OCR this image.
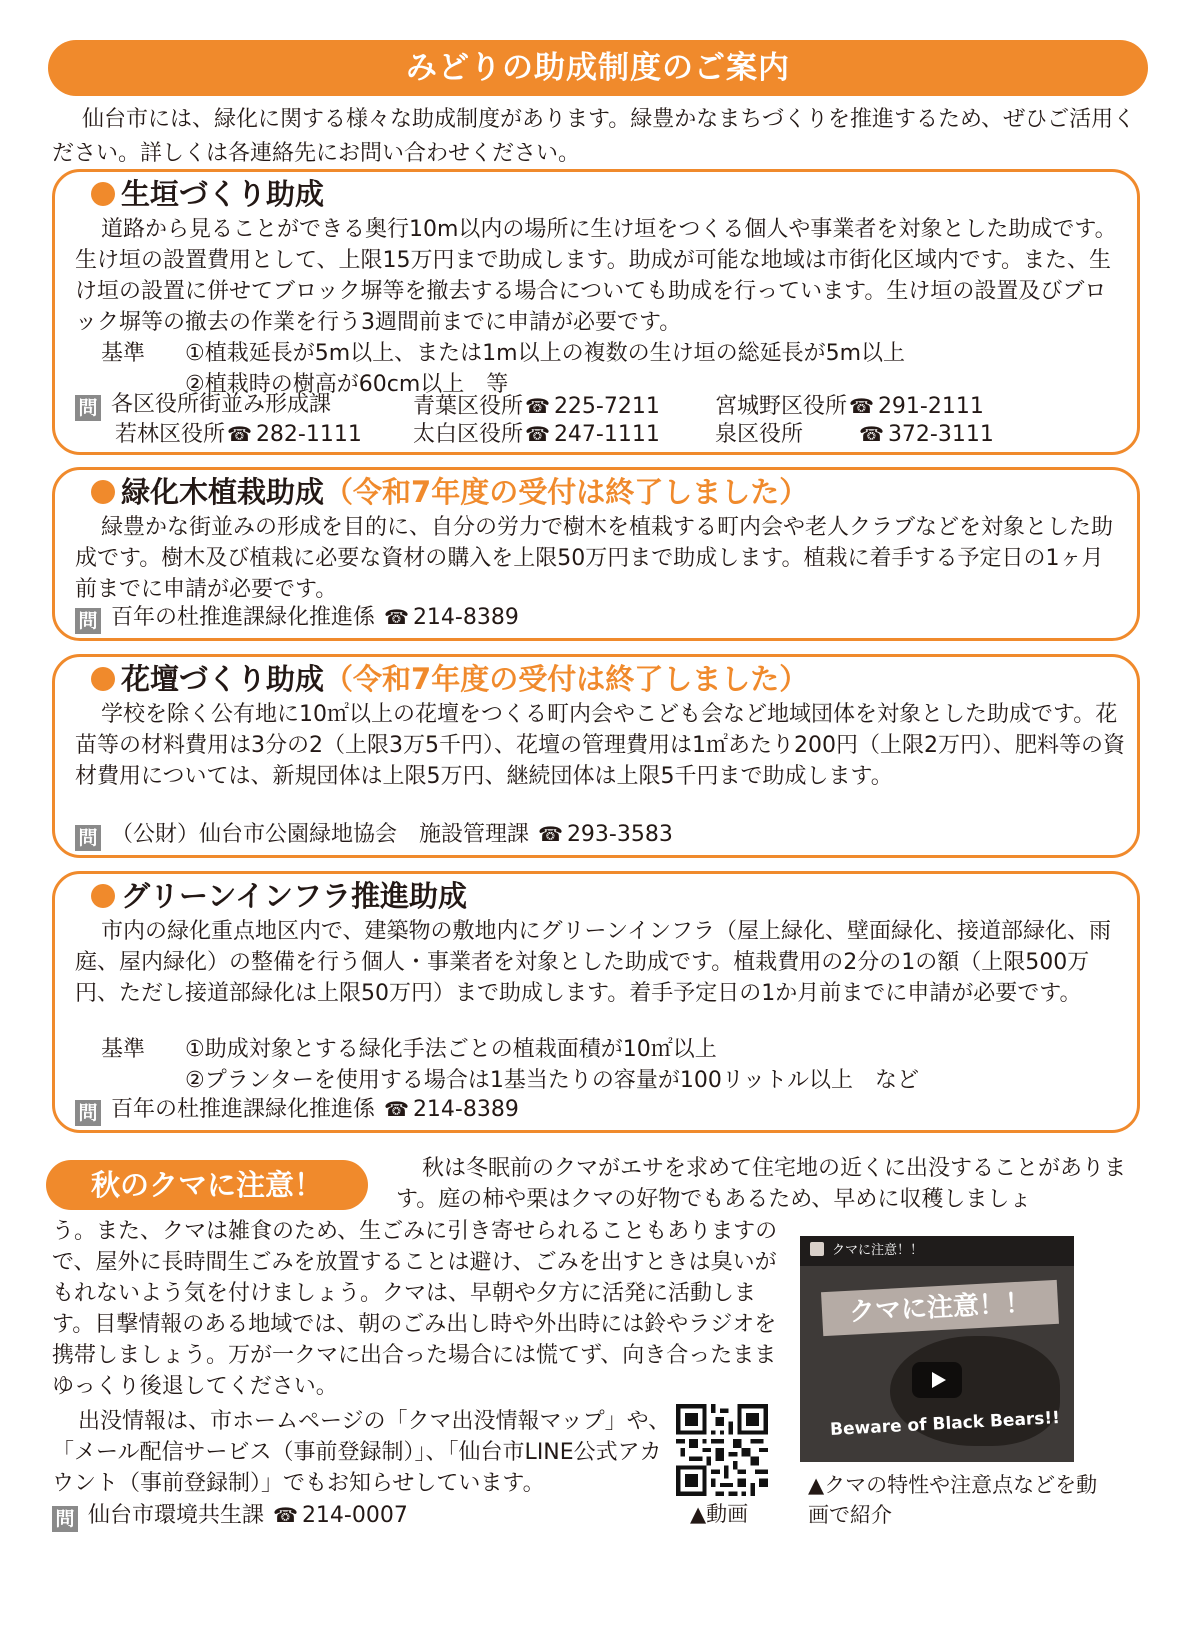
みどりの助成制度のご案内
仙台市には、緑化に関する様々な助成制度があります。緑豊かなまちづくりを推進するため、ぜひご活用ください。詳しくは各連絡先にお問い合わせください。
生垣づくり助成
道路から見ることができる奥行10m以内の場所に生け垣をつくる個人や事業者を対象とした助成です。生け垣の設置費用として、上限15万円まで助成します。助成が可能な地域は市街化区域内です。また、生け垣の設置に併せてブロック塀等を撤去する場合についても助成を行っています。生け垣の設置及びブロック塀等の撤去の作業を行う3週間前までに申請が必要です。
基準 ①植栽延長が5m以上、または1m以上の複数の生け垣の総延長が5m以上
②植栽時の樹高が60cm以上　等
問 各区役所街並み形成課	青葉区役所 ☎ 225-7211	宮城野区役所 ☎ 291-2111
若林区役所 ☎ 282-1111 太白区役所 ☎ 247-1111	泉区役所	☎ 372-3111
緑化木植栽助成（令和7年度の受付は終了しました）
緑豊かな街並みの形成を目的に、自分の労力で樹木を植栽する町内会や老人クラブなどを対象とした助成です。樹木及び植栽に必要な資材の購入を上限50万円まで助成します。植栽に着手する予定日の1ヶ月前までに申請が必要です。
問 百年の杜推進課緑化推進係 ☎ 214-8389
花壇づくり助成（令和7年度の受付は終了しました）
学校を除く公有地に10㎡以上の花壇をつくる町内会やこども会など地域団体を対象とした助成です。花苗等の材料費用は3分の2（上限3万5千円）、花壇の管理費用は1㎡あたり200円（上限2万円）、肥料等の資材費用については、新規団体は上限5万円、継続団体は上限5千円まで助成します。
問 （公財）仙台市公園緑地協会　施設管理課 ☎ 293-3583
グリーンインフラ推進助成
市内の緑化重点地区内で、建築物の敷地内にグリーンインフラ（屋上緑化、壁面緑化、接道部緑化、雨庭、屋内緑化）の整備を行う個人・事業者を対象とした助成です。植栽費用の2分の1の額（上限500万円、ただし接道部緑化は上限50万円）まで助成します。着手予定日の1か月前までに申請が必要です。
基準 ①助成対象とする緑化手法ごとの植栽面積が10㎡以上
②プランターを使用する場合は1基当たりの容量が100リットル以上　など
問 百年の杜推進課緑化推進係 ☎ 214-8389
秋のクマに注意！	秋は冬眠前のクマがエサを求めて住宅地の近くに出没することがあります。庭の柿や栗はクマの好物でもあるため、早めに収穫しましょ
う。また、クマは雑食のため、生ごみに引き寄せられることもありますので、屋外に長時間生ごみを放置することは避け、ごみを出すときは臭いがもれないよう気を付けましょう。クマは、早朝や夕方に活発に活動します。目撃情報のある地域では、朝のごみ出し時や外出時には鈴やラジオを携帯しましょう。万が一クマに出合った場合には慌てず、向き合ったままゆっくり後退してください。
出没情報は、市ホームページの「クマ出没情報マップ」や、「メール配信サービス（事前登録制）」、「仙台市LINE公式アカウント（事前登録制）」でもお知らせしています。
▲動画
クマに注意！！
クマに注意！！
Beware of Black Bears!!
▲クマの特性や注意点などを動画で紹介
問 仙台市環境共生課 ☎ 214-0007
